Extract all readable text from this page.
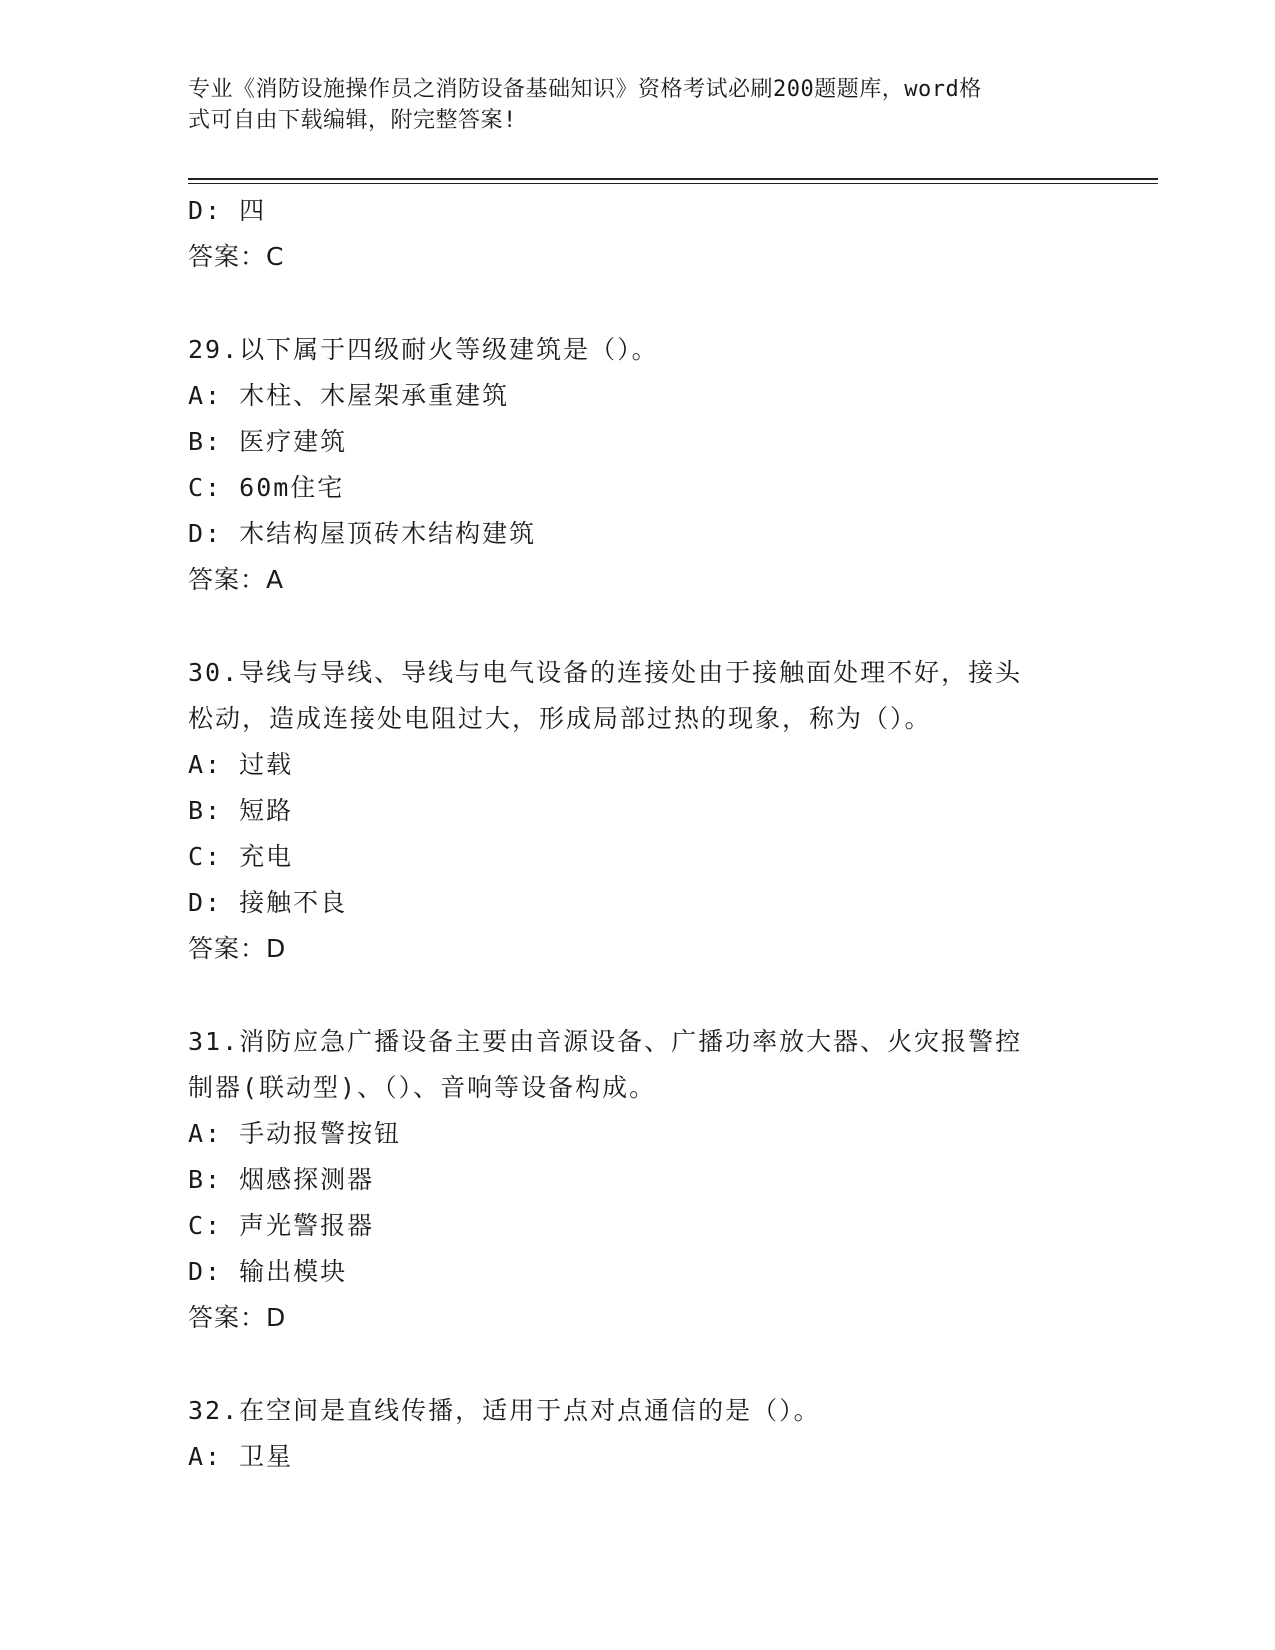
专业《消防设施操作员之消防设备基础知识》资格考试必刷200题题库，word格
式可自由下载编辑，附完整答案!
D: 四
答案：C
29.以下属于四级耐火等级建筑是（）。
A: 木柱、木屋架承重建筑
B: 医疗建筑
C: 60m住宅
D: 木结构屋顶砖木结构建筑
答案：A
30.导线与导线、导线与电气设备的连接处由于接触面处理不好，接头
松动，造成连接处电阻过大，形成局部过热的现象，称为（）。
A: 过载
B: 短路
C: 充电
D: 接触不良
答案：D
31.消防应急广播设备主要由音源设备、广播功率放大器、火灾报警控
制器(联动型)、（）、音响等设备构成。
A: 手动报警按钮
B: 烟感探测器
C: 声光警报器
D: 输出模块
答案：D
32.在空间是直线传播，适用于点对点通信的是（）。
A: 卫星
